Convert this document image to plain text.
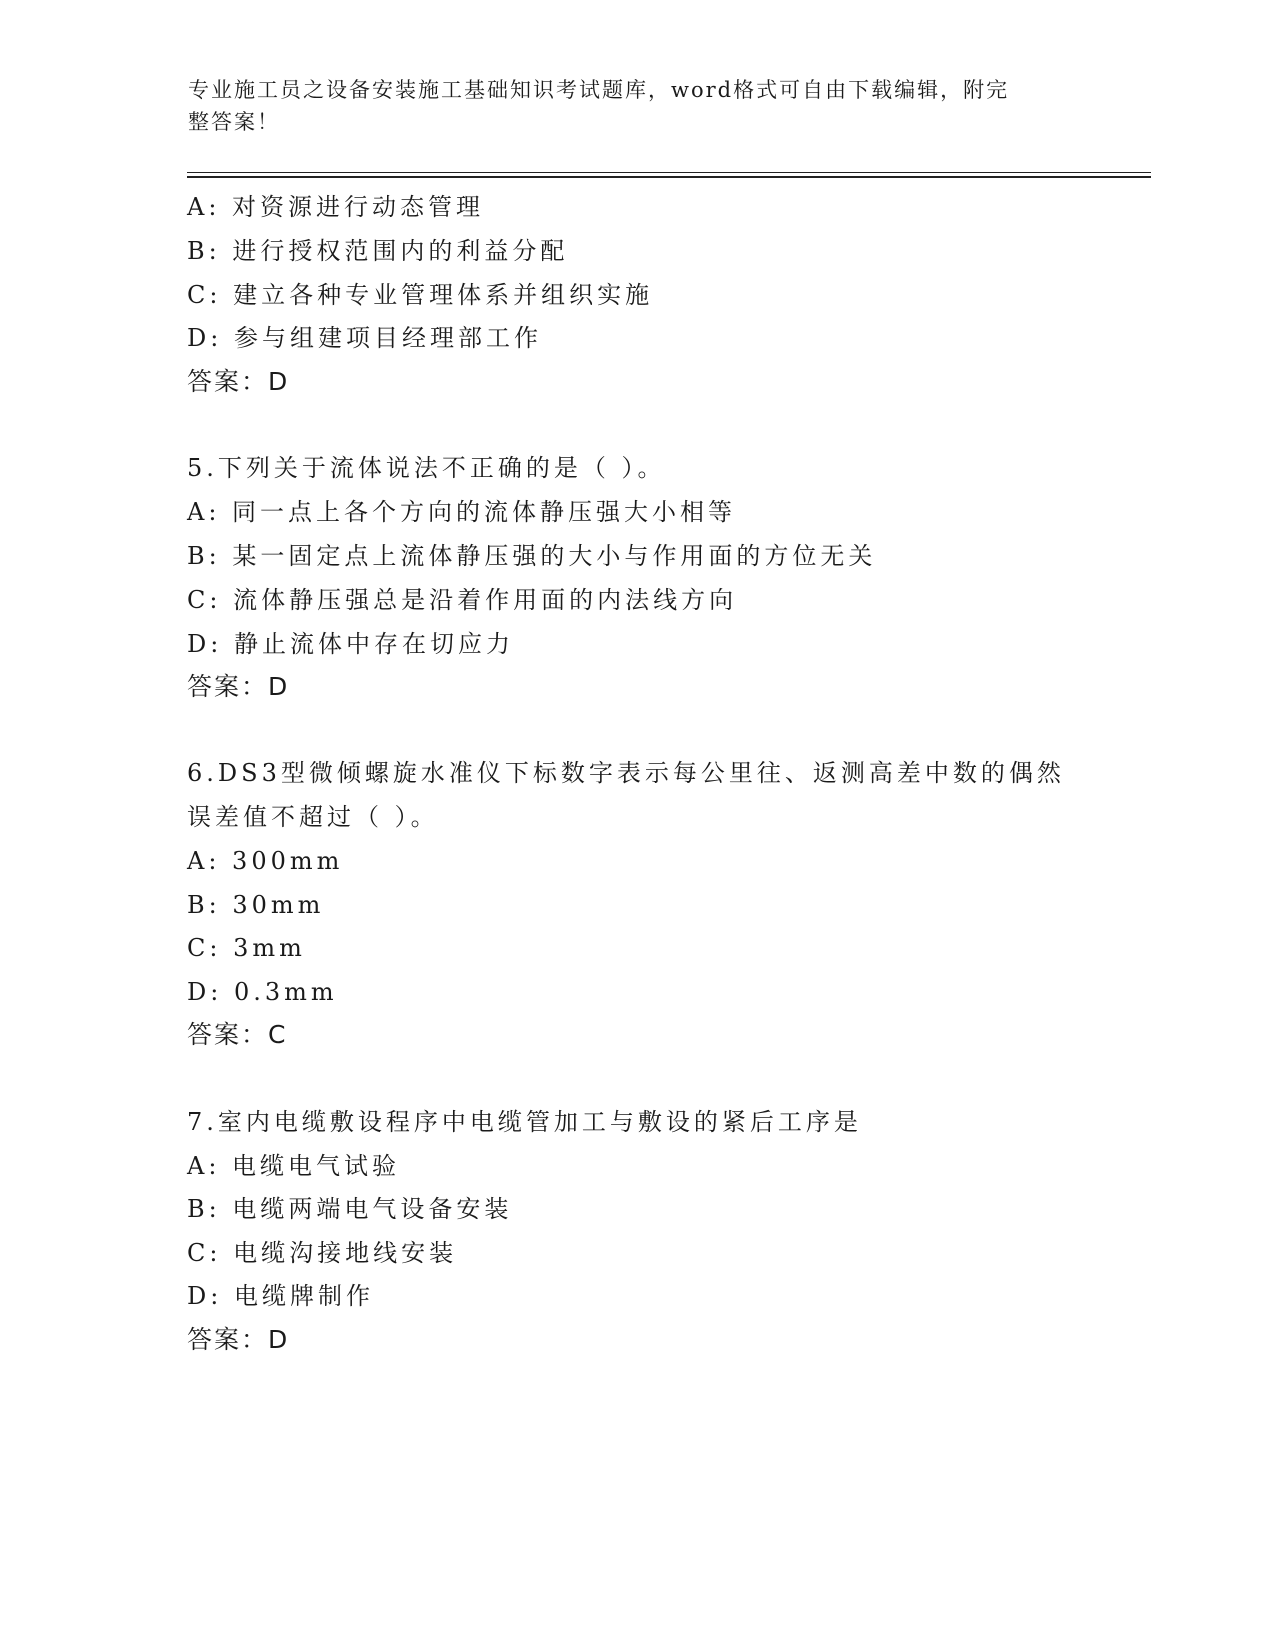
专业施工员之设备安装施工基础知识考试题库，word格式可自由下载编辑，附完
整答案！
A: 对资源进行动态管理
B: 进行授权范围内的利益分配
C: 建立各种专业管理体系并组织实施
D: 参与组建项目经理部工作
答案：D
5.下列关于流体说法不正确的是（ ）。
A: 同一点上各个方向的流体静压强大小相等
B: 某一固定点上流体静压强的大小与作用面的方位无关
C: 流体静压强总是沿着作用面的内法线方向
D: 静止流体中存在切应力
答案：D
6.DS3型微倾螺旋水准仪下标数字表示每公里往、返测高差中数的偶然
误差值不超过（ ）。
A: 300mm
B: 30mm
C: 3mm
D: 0.3mm
答案：C
7.室内电缆敷设程序中电缆管加工与敷设的紧后工序是
A: 电缆电气试验
B: 电缆两端电气设备安装
C: 电缆沟接地线安装
D: 电缆牌制作
答案：D
